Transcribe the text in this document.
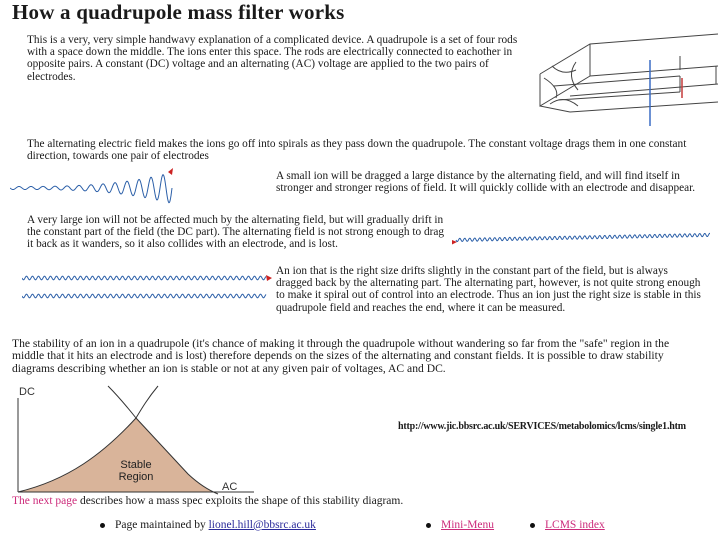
How a quadrupole mass filter works
This is a very, very simple handwavy explanation of a complicated device. A quadrupole is a set of four rods with a space down the middle. The ions enter this space. The rods are electrically connected to eachother in opposite pairs. A constant (DC) voltage and an alternating (AC) voltage are applied to the two pairs of electrodes.
The alternating electric field makes the ions go off into spirals as they pass down the quadrupole. The constant voltage drags them in one constant direction, towards one pair of electrodes
A small ion will be dragged a large distance by the alternating field, and will find itself in stronger and stronger regions of field. It will quickly collide with an electrode and disappear.
A very large ion will not be affected much by the alternating field, but will gradually drift in the constant part of the field (the DC part). The alternating field is not strong enough to drag it back as it wanders, so it also collides with an electrode, and is lost.
An ion that is the right size drifts slightly in the constant part of the field, but is always dragged back by the alternating part. The alternating part, however, is not quite strong enough to make it spiral out of control into an electrode. Thus an ion just the right size is stable in this quadrupole field and reaches the end, where it can be measured.
The stability of an ion in a quadrupole (it's chance of making it through the quadrupole without wandering so far from the "safe" region in the middle that it hits an electrode and is lost) therefore depends on the sizes of the alternating and constant fields. It is possible to draw stability diagrams describing whether an ion is stable or not at any given pair of voltages, AC and DC.
DC
AC
Stable
Region
http://www.jic.bbsrc.ac.uk/SERVICES/metabolomics/lcms/single1.htm
The next page describes how a mass spec exploits the shape of this stability diagram.
Page maintained by lionel.hill@bbsrc.ac.uk	Mini-Menu	LCMS index
